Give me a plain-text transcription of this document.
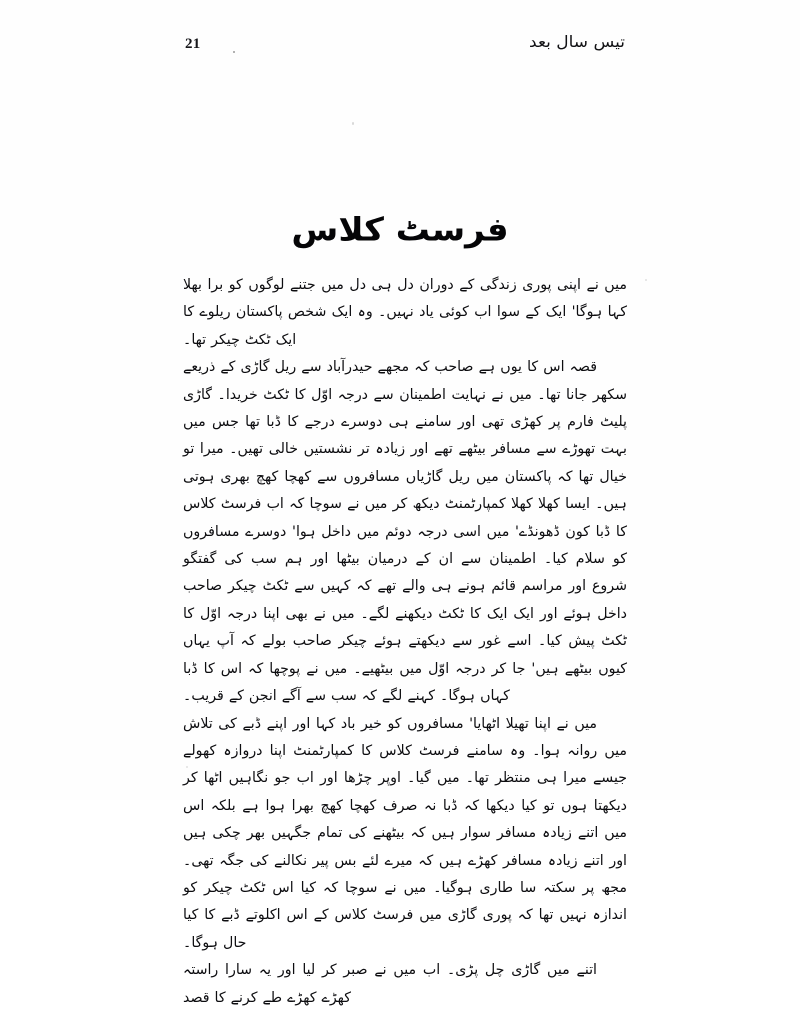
21	تیس سال بعد
فرسٹ کلاس

میں نے اپنی پوری زندگی کے دوران دل ہی دل میں جتنے لوگوں کو برا بھلا کہا ہوگا' ایک کے سوا اب کوئی یاد نہیں۔ وہ ایک شخص پاکستان ریلوے کا ایک ٹکٹ چیکر تھا۔

قصہ اس کا یوں ہے صاحب کہ مجھے حیدرآباد سے ریل گاڑی کے ذریعے سکھر جانا تھا۔ میں نے نہایت اطمینان سے درجہ اوّل کا ٹکٹ خریدا۔ گاڑی پلیٹ فارم پر کھڑی تھی اور سامنے ہی دوسرے درجے کا ڈبا تھا جس میں بہت تھوڑے سے مسافر بیٹھے تھے اور زیادہ تر نشستیں خالی تھیں۔ میرا تو خیال تھا کہ پاکستان میں ریل گاڑیاں مسافروں سے کھچا کھچ بھری ہوتی ہیں۔ ایسا کھلا کھلا کمپارٹمنٹ دیکھ کر میں نے سوچا کہ اب فرسٹ کلاس کا ڈبا کون ڈھونڈے' میں اسی درجہ دوئم میں داخل ہوا' دوسرے مسافروں کو سلام کیا۔ اطمینان سے ان کے درمیان بیٹھا اور ہم سب کی گفتگو شروع اور مراسم قائم ہونے ہی والے تھے کہ کہیں سے ٹکٹ چیکر صاحب داخل ہوئے اور ایک ایک کا ٹکٹ دیکھنے لگے۔ میں نے بھی اپنا درجہ اوّل کا ٹکٹ پیش کیا۔ اسے غور سے دیکھتے ہوئے چیکر صاحب بولے کہ آپ یہاں کیوں بیٹھے ہیں' جا کر درجہ اوّل میں بیٹھیے۔ میں نے پوچھا کہ اس کا ڈبا کہاں ہوگا۔ کہنے لگے کہ سب سے آگے انجن کے قریب۔

میں نے اپنا تھیلا اٹھایا' مسافروں کو خیر باد کہا اور اپنے ڈبے کی تلاش میں روانہ ہوا۔ وہ سامنے فرسٹ کلاس کا کمپارٹمنٹ اپنا دروازہ کھولے جیسے میرا ہی منتظر تھا۔ میں گیا۔ اوپر چڑھا اور اب جو نگاہیں اٹھا کر دیکھتا ہوں تو کیا دیکھا کہ ڈبا نہ صرف کھچا کھچ بھرا ہوا ہے بلکہ اس میں اتنے زیادہ مسافر سوار ہیں کہ بیٹھنے کی تمام جگہیں بھر چکی ہیں اور اتنے زیادہ مسافر کھڑے ہیں کہ میرے لئے بس پیر نکالنے کی جگہ تھی۔ مجھ پر سکتہ سا طاری ہوگیا۔ میں نے سوچا کہ کیا اس ٹکٹ چیکر کو اندازہ نہیں تھا کہ پوری گاڑی میں فرسٹ کلاس کے اس اکلوتے ڈبے کا کیا حال ہوگا۔

اتنے میں گاڑی چل پڑی۔ اب میں نے صبر کر لیا اور یہ سارا راستہ کھڑے کھڑے طے کرنے کا قصد
